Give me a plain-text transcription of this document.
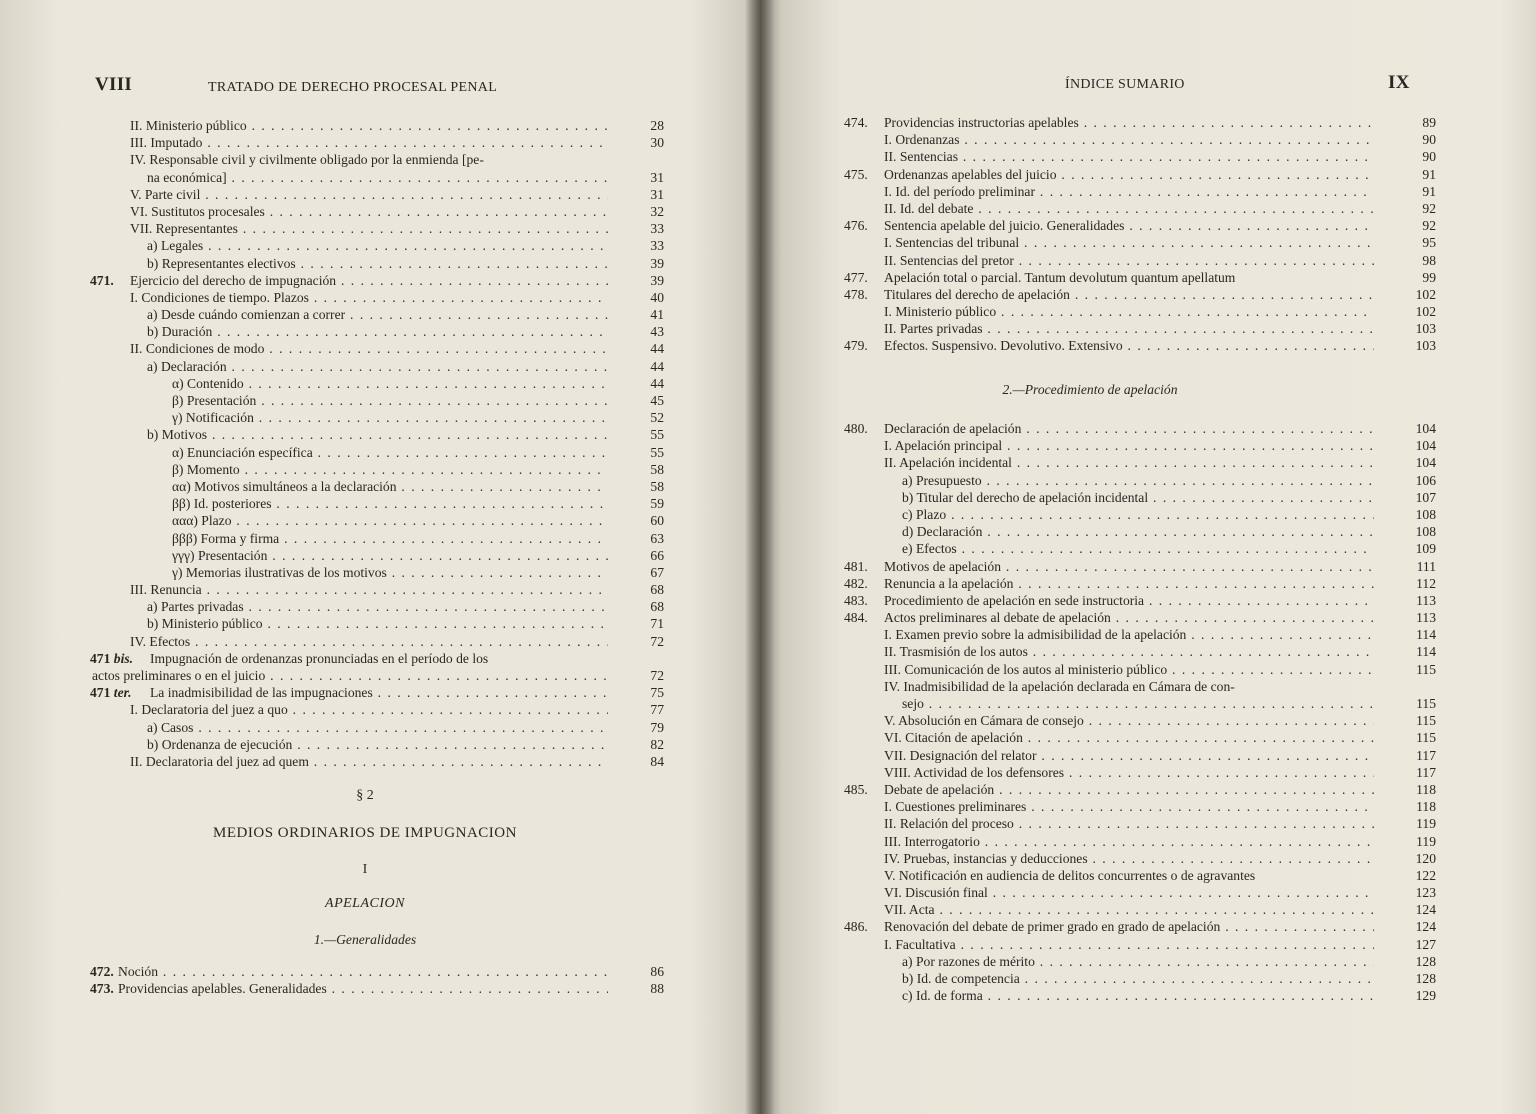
VIII	TRATADO DE DERECHO PROCESAL PENAL
II. Ministerio público . . .	28
III. Imputado . . .	30
IV. Responsable civil y civilmente obligado por la enmienda [pe-
na económica] . . .	31
V. Parte civil . . .	31
VI. Sustitutos procesales . . .	32
VII. Representantes . . .	33
a) Legales . . .	33
b) Representantes electivos . . .	39
471. Ejercicio del derecho de impugnación . . .	39
I. Condiciones de tiempo. Plazos . . .	40
a) Desde cuándo comienzan a correr . . .	41
b) Duración . . .	43
II. Condiciones de modo . . .	44
a) Declaración . . .	44
α) Contenido . . .	44
β) Presentación . . .	45
γ) Notificación . . .	52
b) Motivos . . .	55
α) Enunciación específica . . .	55
β) Momento . . .	58
αα) Motivos simultáneos a la declaración . . .	58
ββ) Id. posteriores . . .	59
ααα) Plazo . . .	60
βββ) Forma y firma . . .	63
γγγ) Presentación . . .	66
γ) Memorias ilustrativas de los motivos . . .	67
III. Renuncia . . .	68
a) Partes privadas . . .	68
b) Ministerio público . . .	71
IV. Efectos . . .	72
471 bis. Impugnación de ordenanzas pronunciadas en el período de los
actos preliminares o en el juicio . . .	72
471 ter. La inadmisibilidad de las impugnaciones . . .	75
I. Declaratoria del juez a quo . . .	77
a) Casos . . .	79
b) Ordenanza de ejecución . . .	82
II. Declaratoria del juez ad quem . . .	84
§ 2
MEDIOS ORDINARIOS DE IMPUGNACION
I
APELACION
1.—Generalidades
472. Noción . . .	86
473. Providencias apelables. Generalidades . . .	88
ÍNDICE SUMARIO	IX
474. Providencias instructorias apelables . . .	89
I. Ordenanzas . . .	90
II. Sentencias . . .	90
475. Ordenanzas apelables del juicio . . .	91
I. Id. del período preliminar . . .	91
II. Id. del debate . . .	92
476. Sentencia apelable del juicio. Generalidades . . .	92
I. Sentencias del tribunal . . .	95
II. Sentencias del pretor . . .	98
477. Apelación total o parcial. Tantum devolutum quantum apellatum	99
478. Titulares del derecho de apelación . . .	102
I. Ministerio público . . .	102
II. Partes privadas . . .	103
479. Efectos. Suspensivo. Devolutivo. Extensivo . . .	103
2.—Procedimiento de apelación
480. Declaración de apelación . . .	104
I. Apelación principal . . .	104
II. Apelación incidental . . .	104
a) Presupuesto . . .	106
b) Titular del derecho de apelación incidental . . .	107
c) Plazo . . .	108
d) Declaración . . .	108
e) Efectos . . .	109
481. Motivos de apelación . . .	111
482. Renuncia a la apelación . . .	112
483. Procedimiento de apelación en sede instructoria . . .	113
484. Actos preliminares al debate de apelación . . .	113
I. Examen previo sobre la admisibilidad de la apelación . . .	114
II. Trasmisión de los autos . . .	114
III. Comunicación de los autos al ministerio público . . .	115
IV. Inadmisibilidad de la apelación declarada en Cámara de con-
sejo . . .	115
V. Absolución en Cámara de consejo . . .	115
VI. Citación de apelación . . .	115
VII. Designación del relator . . .	117
VIII. Actividad de los defensores . . .	117
485. Debate de apelación . . .	118
I. Cuestiones preliminares . . .	118
II. Relación del proceso . . .	119
III. Interrogatorio . . .	119
IV. Pruebas, instancias y deducciones . . .	120
V. Notificación en audiencia de delitos concurrentes o de agravantes	122
VI. Discusión final . . .	123
VII. Acta . . .	124
486. Renovación del debate de primer grado en grado de apelación . . .	124
I. Facultativa . . .	127
a) Por razones de mérito . . .	128
b) Id. de competencia . . .	128
c) Id. de forma . . .	129
